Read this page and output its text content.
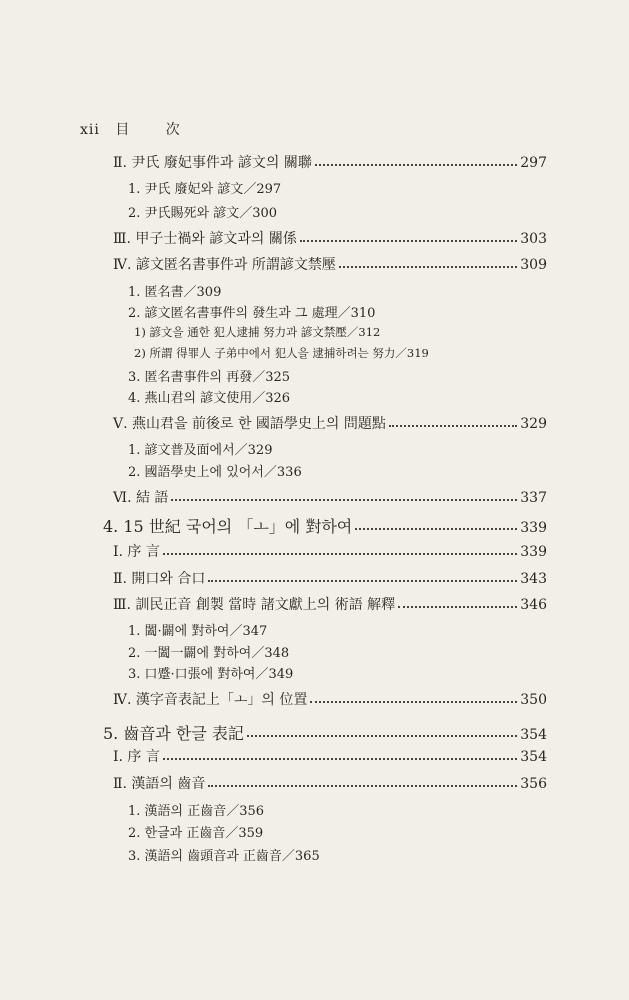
xii 目 次
Ⅱ. 尹氏 廢妃事件과 諺文의 關聯	297
1. 尹氏 廢妃와 諺文／297
2. 尹氏賜死와 諺文／300
Ⅲ. 甲子士禍와 諺文과의 關係	303
Ⅳ. 諺文匿名書事件과 所謂諺文禁壓	309
1. 匿名書／309
2. 諺文匿名書事件의 發生과 그 處理／310
1) 諺文을 通한 犯人逮捕 努力과 諺文禁壓／312
2) 所謂 得罪人 子弟中에서 犯人을 逮捕하려는 努力／319
3. 匿名書事件의 再發／325
4. 燕山君의 諺文使用／326
Ⅴ. 燕山君을 前後로 한 國語學史上의 問題點	329
1. 諺文普及面에서／329
2. 國語學史上에 있어서／336
Ⅵ. 結 語	337
4. 15 世紀 국어의 「ㅗ」에 對하여	339
Ⅰ. 序 言	339
Ⅱ. 開口와 合口	343
Ⅲ. 訓民正音 創製 當時 諸文獻上의 術語 解釋	346
1. 闔·闢에 對하여／347
2. 一闔一闢에 對하여／348
3. 口蹙·口張에 對하여／349
Ⅳ. 漢字音表記上「ㅗ」의 位置	350
5. 齒音과 한글 表記	354
Ⅰ. 序 言	354
Ⅱ. 漢語의 齒音	356
1. 漢語의 正齒音／356
2. 한글과 正齒音／359
3. 漢語의 齒頭音과 正齒音／365
